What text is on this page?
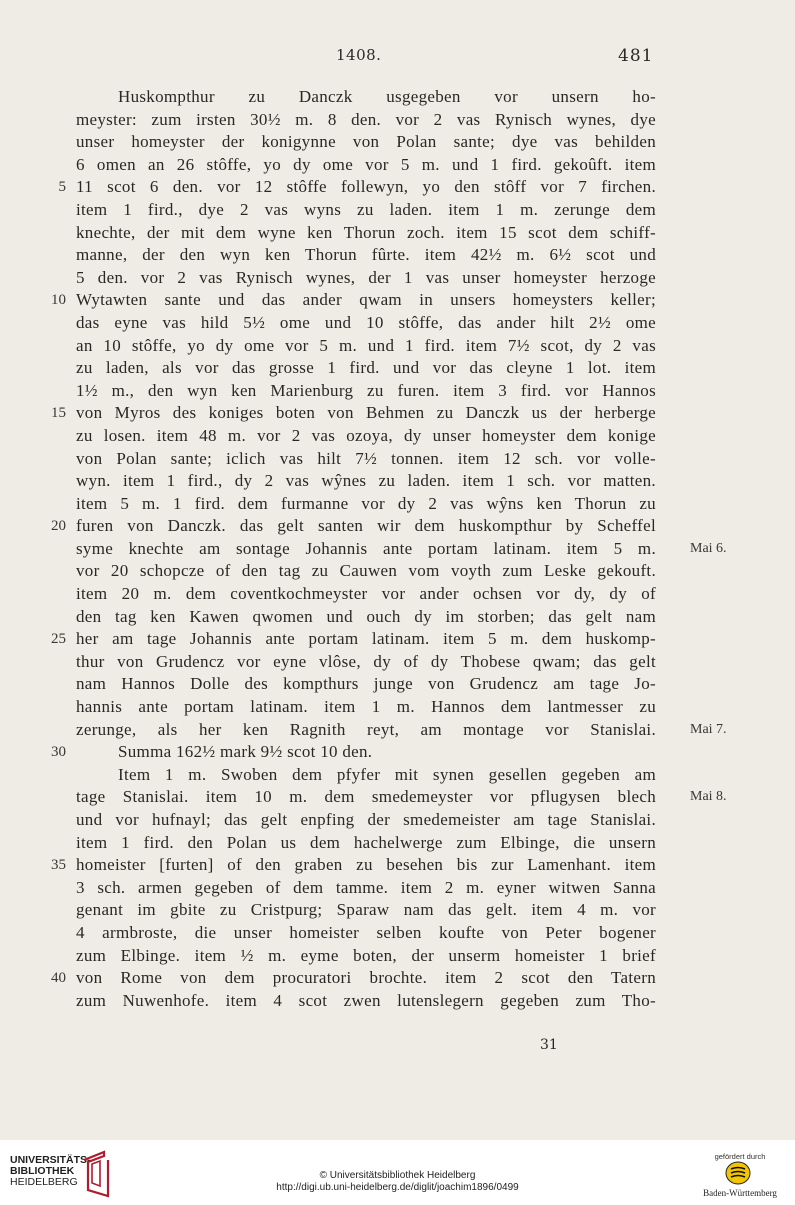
1408.	481
Huskompthur zu Danczk usgegeben vor unsern ho-
meyster: zum irsten 30½ m. 8 den. vor 2 vas Rynisch wynes, dye
unser homeyster der konigynne von Polan sante; dye vas behilden
6 omen an 26 stôffe, yo dy ome vor 5 m. und 1 fird. gekoûft. item
5 11 scot 6 den. vor 12 stôffe follewyn, yo den stôff vor 7 firchen.
item 1 fird., dye 2 vas wyns zu laden. item 1 m. zerunge dem
knechte, der mit dem wyne ken Thorun zoch. item 15 scot dem schiff-
manne, der den wyn ken Thorun fûrte. item 42½ m. 6½ scot und
5 den. vor 2 vas Rynisch wynes, der 1 vas unser homeyster herzoge
10 Wytawten sante und das ander qwam in unsers homeysters keller;
das eyne vas hild 5½ ome und 10 stôffe, das ander hilt 2½ ome
an 10 stôffe, yo dy ome vor 5 m. und 1 fird. item 7½ scot, dy 2 vas
zu laden, als vor das grosse 1 fird. und vor das cleyne 1 lot. item
1½ m., den wyn ken Marienburg zu furen. item 3 fird. vor Hannos
15 von Myros des koniges boten von Behmen zu Danczk us der herberge
zu losen. item 48 m. vor 2 vas ozoya, dy unser homeyster dem konige
von Polan sante; iclich vas hilt 7½ tonnen. item 12 sch. vor volle-
wyn. item 1 fird., dy 2 vas wŷnes zu laden. item 1 sch. vor matten.
item 5 m. 1 fird. dem furmanne vor dy 2 vas wŷns ken Thorun zu
20 furen von Danczk. das gelt santen wir dem huskompthur by Scheffel
syme knechte am sontage Johannis ante portam latinam. item 5 m. Mai 6.
vor 20 schopcze of den tag zu Cauwen vom voyth zum Leske gekouft.
item 20 m. dem coventkochmeyster vor ander ochsen vor dy, dy of
den tag ken Kawen qwomen und ouch dy im storben; das gelt nam
25 her am tage Johannis ante portam latinam. item 5 m. dem huskomp-
thur von Grudencz vor eyne vlôse, dy of dy Thobese qwam; das gelt
nam Hannos Dolle des kompthurs junge von Grudencz am tage Jo-
hannis ante portam latinam. item 1 m. Hannos dem lantmesser zu
zerunge, als her ken Ragnith reyt, am montage vor Stanislai. Mai 7.
30	Summa 162½ mark 9½ scot 10 den.
Item 1 m. Swoben dem pfyfer mit synen gesellen gegeben am
tage Stanislai. item 10 m. dem smedemeyster vor pflugysen blech Mai 8.
und vor hufnayl; das gelt enpfing der smedemeister am tage Stanislai.
item 1 fird. den Polan us dem hachelwerge zum Elbinge, die unsern
35 homeister [furten] of den graben zu besehen bis zur Lamenhant. item
3 sch. armen gegeben of dem tamme. item 2 m. eyner witwen Sanna
genant im gbite zu Cristpurg; Sparaw nam das gelt. item 4 m. vor
4 armbroste, die unser homeister selben koufte von Peter bogener
zum Elbinge. item ½ m. eyme boten, der unserm homeister 1 brief
40 von Rome von dem procuratori brochte. item 2 scot den Tatern
zum Nuwenhofe. item 4 scot zwen lutenslegern gegeben zum Tho-
31
UNIVERSITÄTS-
BIBLIOTHEK
HEIDELBERG
© Universitätsbibliothek Heidelberg
http://digi.ub.uni-heidelberg.de/diglit/joachim1896/0499
gefördert durch
Baden-Württemberg
